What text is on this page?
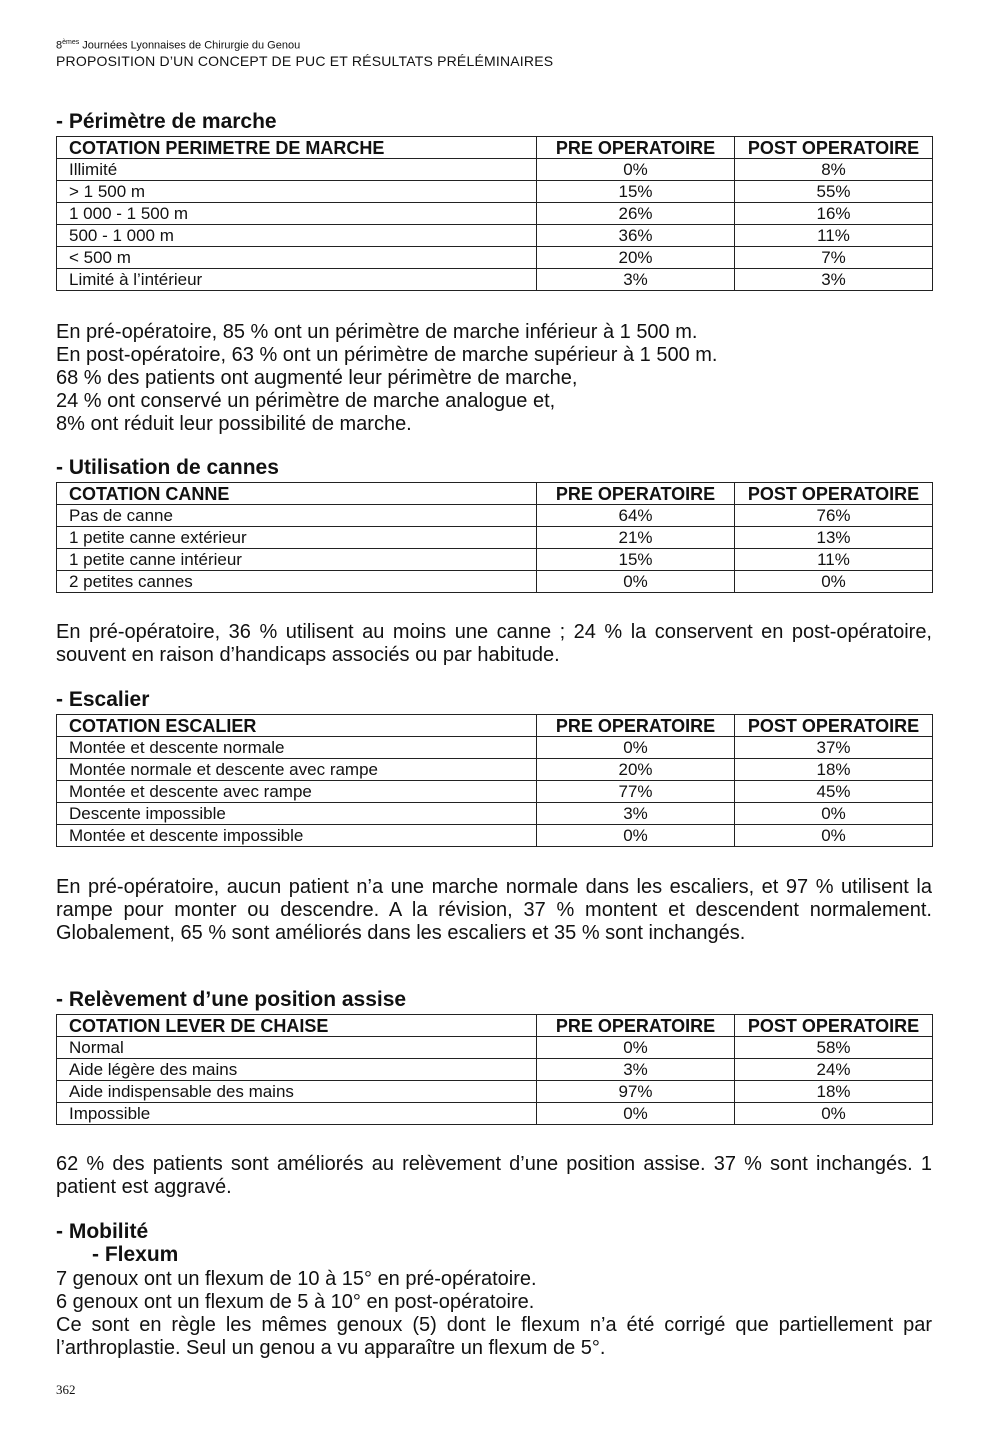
8èmes Journées Lyonnaises de Chirurgie du Genou
PROPOSITION D’UN CONCEPT DE PUC ET RÉSULTATS PRÉLÉMINAIRES
- Périmètre de marche
COTATION PERIMETRE DE MARCHE	PRE OPERATOIRE	POST OPERATOIRE
Illimité	0%	8%
> 1 500 m	15%	55%
1 000 - 1 500 m	26%	16%
500 - 1 000 m	36%	11%
< 500 m	20%	7%
Limité à l’intérieur	3%	3%
En pré-opératoire, 85 % ont un périmètre de marche inférieur à 1 500 m.
En post-opératoire, 63 % ont un périmètre de marche supérieur à 1 500 m.
68 % des patients ont augmenté leur périmètre de marche,
24 % ont conservé un périmètre de marche analogue et,
8% ont réduit leur possibilité de marche.
- Utilisation de cannes
COTATION CANNE	PRE OPERATOIRE	POST OPERATOIRE
Pas de canne	64%	76%
1 petite canne extérieur	21%	13%
1 petite canne intérieur	15%	11%
2 petites cannes	0%	0%
En pré-opératoire, 36 % utilisent au moins une canne ; 24 % la conservent en post-opératoire, souvent en raison d’handicaps associés ou par habitude.
- Escalier
COTATION ESCALIER	PRE OPERATOIRE	POST OPERATOIRE
Montée et descente normale	0%	37%
Montée normale et descente avec rampe	20%	18%
Montée et descente avec rampe	77%	45%
Descente impossible	3%	0%
Montée et descente impossible	0%	0%
En pré-opératoire, aucun patient n’a une marche normale dans les escaliers, et 97 % utilisent la rampe pour monter ou descendre. A la révision, 37 % montent et descendent normalement. Globalement, 65 % sont améliorés dans les escaliers et 35 % sont inchangés.
- Relèvement d’une position assise
COTATION LEVER DE CHAISE	PRE OPERATOIRE	POST OPERATOIRE
Normal	0%	58%
Aide légère des mains	3%	24%
Aide indispensable des mains	97%	18%
Impossible	0%	0%
62 % des patients sont améliorés au relèvement d’une position assise. 37 % sont inchangés. 1 patient est aggravé.
- Mobilité
- Flexum
7 genoux ont un flexum de 10 à 15° en pré-opératoire.
6 genoux ont un flexum de 5 à 10° en post-opératoire.
Ce sont en règle les mêmes genoux (5) dont le flexum n’a été corrigé que partiellement par l’arthroplastie. Seul un genou a vu apparaître un flexum de 5°.
362
